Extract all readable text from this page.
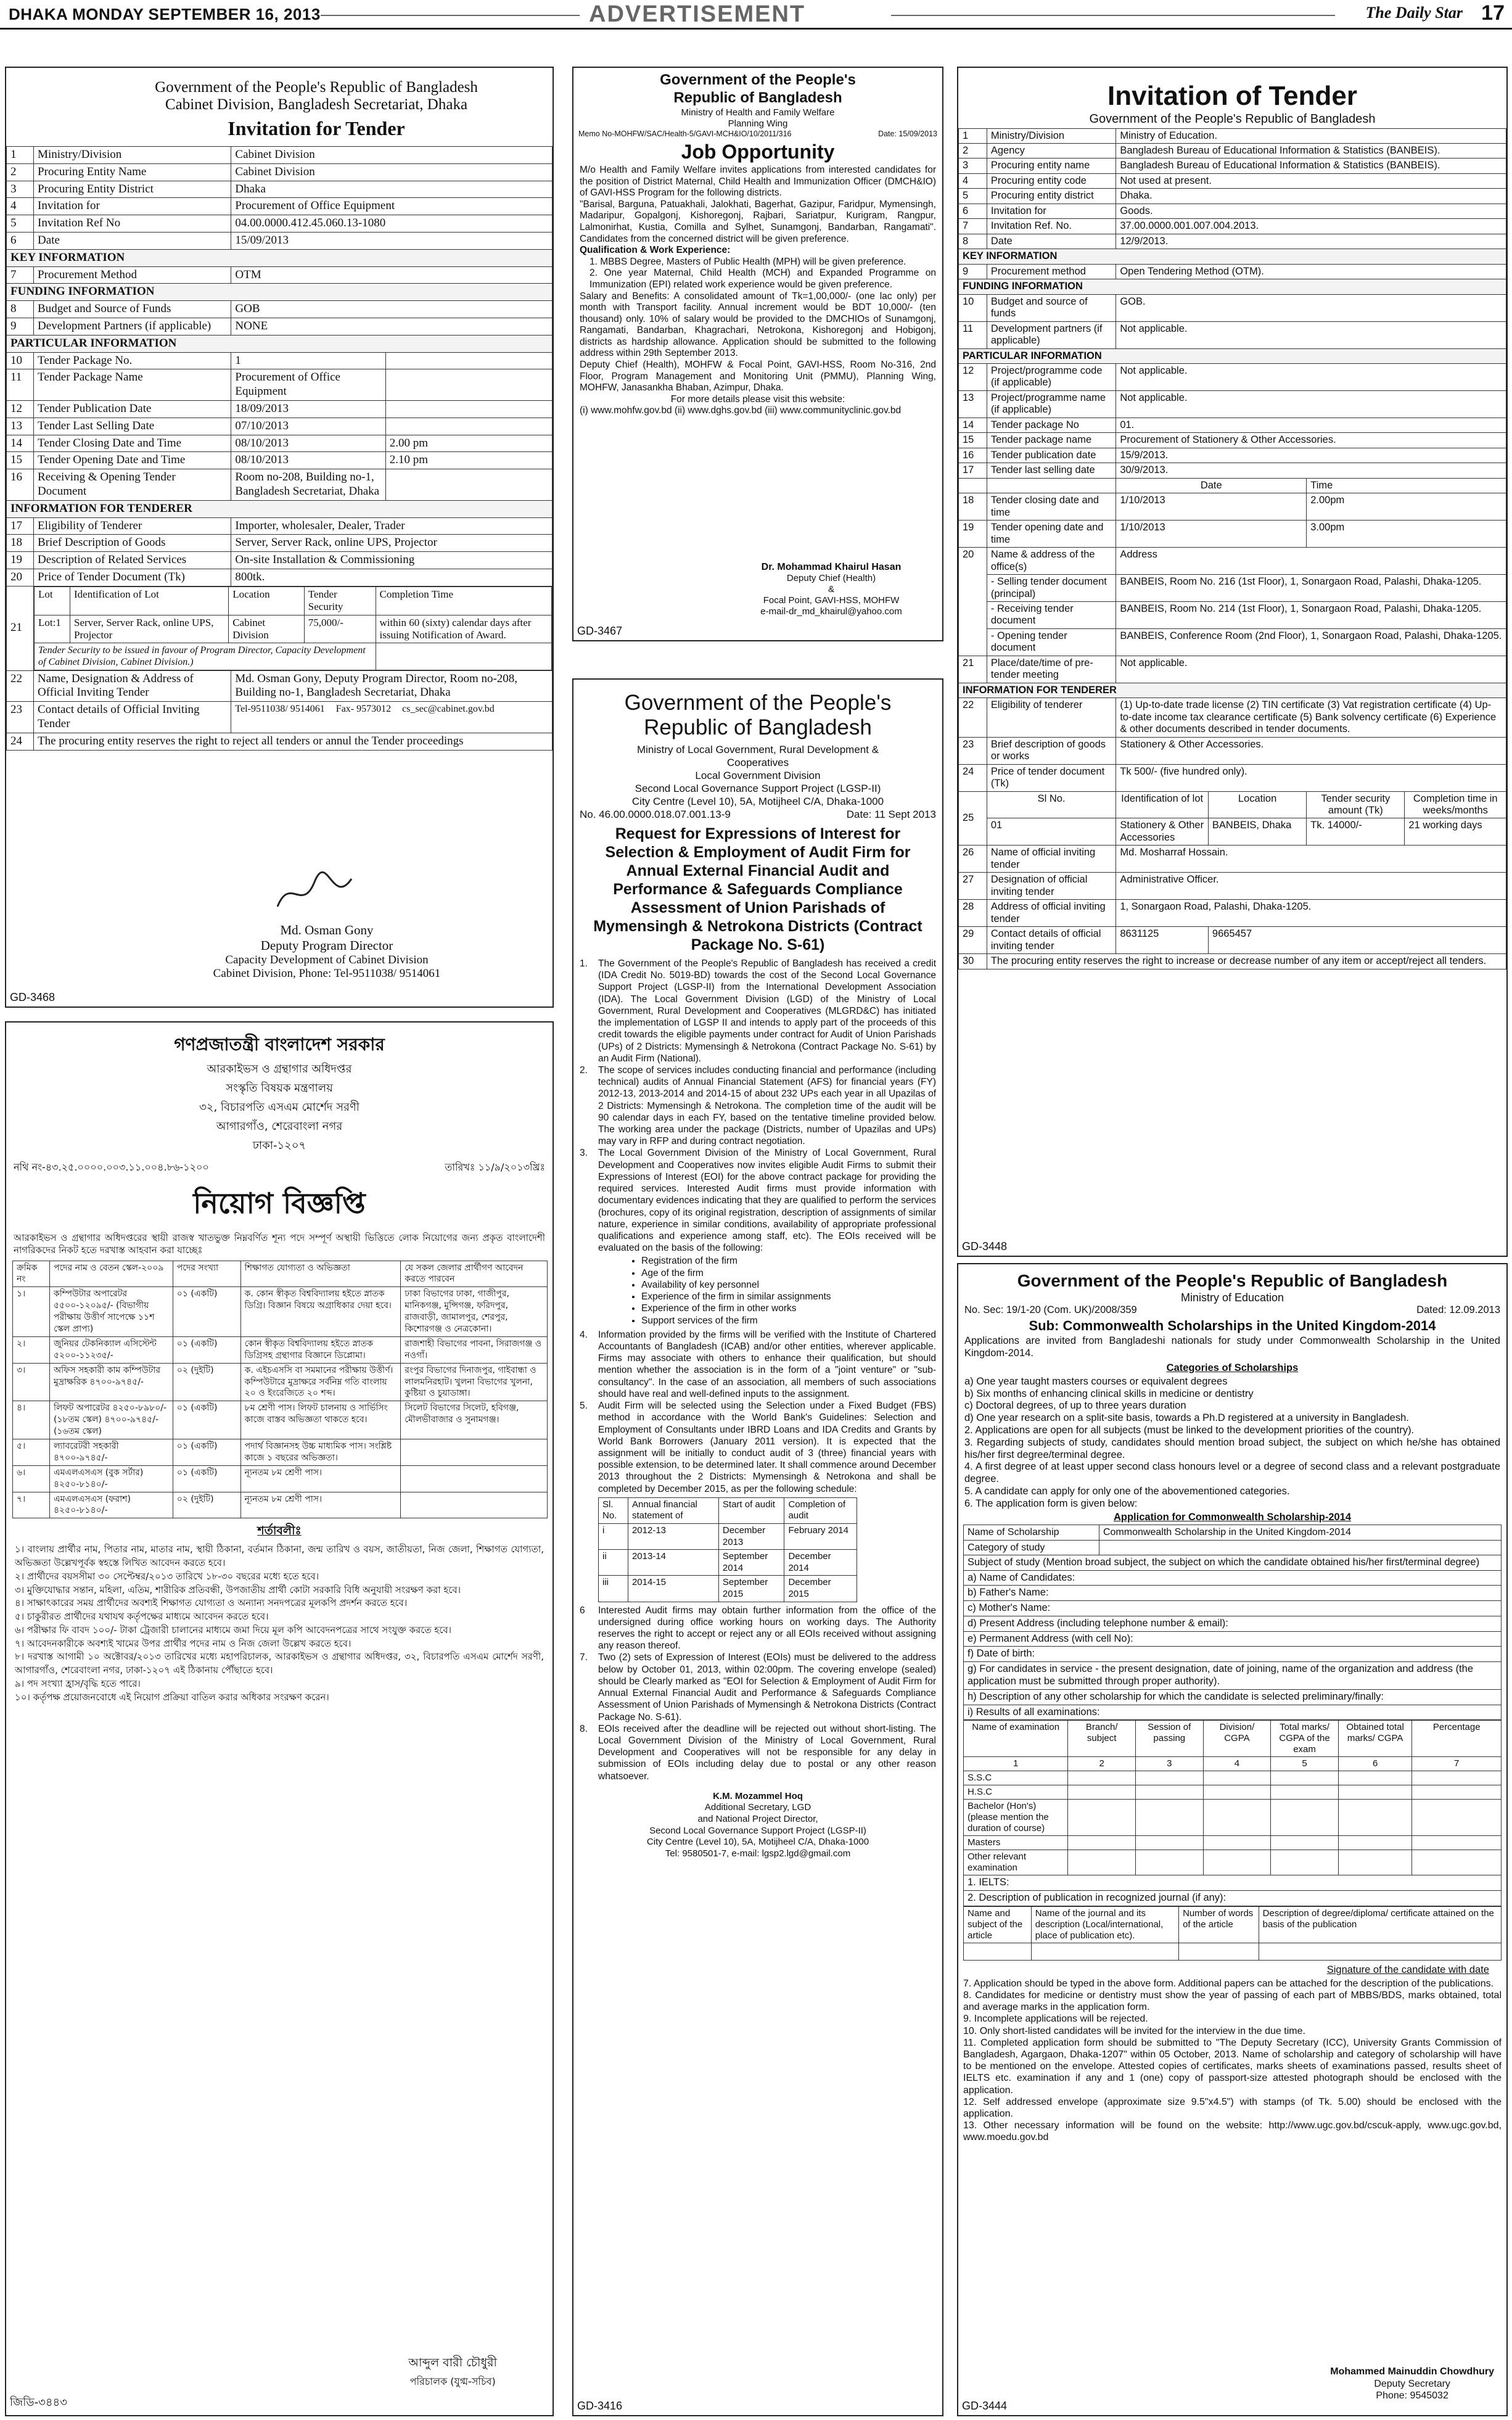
DHAKA MONDAY SEPTEMBER 16, 2013	ADVERTISEMENT	The Daily Star 17
Government of the People's Republic of Bangladesh
Cabinet Division, Bangladesh Secretariat, Dhaka
Invitation for Tender
1	Ministry/Division	Cabinet Division
2	Procuring Entity Name	Cabinet Division
3	Procuring Entity District	Dhaka
4	Invitation for	Procurement of Office Equipment
5	Invitation Ref No	04.00.0000.412.45.060.13-1080
6	Date	15/09/2013
KEY INFORMATION
7	Procurement Method	OTM
FUNDING INFORMATION
8	Budget and Source of Funds	GOB
9	Development Partners (if applicable)	NONE
PARTICULAR INFORMATION
10	Tender Package No.	1	
11	Tender Package Name	Procurement of Office Equipment	
12	Tender Publication Date	18/09/2013	
13	Tender Last Selling Date	07/10/2013	
14	Tender Closing Date and Time	08/10/2013	2.00 pm
15	Tender Opening Date and Time	08/10/2013	2.10 pm
16	Receiving & Opening Tender Document	Room no-208, Building no-1, Bangladesh Secretariat, Dhaka	
INFORMATION FOR TENDERER
17	Eligibility of Tenderer	Importer, wholesaler, Dealer, Trader
18	Brief Description of Goods	Server, Server Rack, online UPS, Projector
19	Description of Related Services	On-site Installation & Commissioning
20	Price of Tender Document (Tk)	800tk.
21	
Lot	Identification of Lot	Location	Tender Security	Completion Time
Lot:1	Server, Server Rack, online UPS, Projector	Cabinet Division	75,000/-	within 60 (sixty) calendar days after issuing Notification of Award.
Tender Security to be issued in favour of Program Director, Capacity Development of Cabinet Division, Cabinet Division.)	

22	Name, Designation & Address of Official Inviting Tender	Md. Osman Gony, Deputy Program Director, Room no-208, Building no-1, Bangladesh Secretariat, Dhaka
23	Contact details of Official Inviting Tender	Tel-9511038/ 9514061 Fax- 9573012 cs_sec@cabinet.gov.bd
24	The procuring entity reserves the right to reject all tenders or annul the Tender proceedings
Md. Osman Gony
Deputy Program Director
Capacity Development of Cabinet Division
Cabinet Division, Phone: Tel-9511038/ 9514061
GD-3468
গণপ্রজাতন্ত্রী বাংলাদেশ সরকার
আরকাইভস ও গ্রন্থাগার অধিদপ্তর
সংস্কৃতি বিষয়ক মন্ত্রণালয়
৩২, বিচারপতি এসএম মোর্শেদ সরণী
আগারগাঁও, শেরেবাংলা নগর
ঢাকা-১২০৭
নথি নং-৪৩.২৫.০০০০.০০৩.১১.০০৪.৮৬-১২০০	তারিখঃ ১১/৯/২০১৩খ্রিঃ
নিয়োগ বিজ্ঞপ্তি
আরকাইভস ও গ্রন্থাগার অধিদপ্তরের স্থায়ী রাজস্ব খাতভুক্ত নিম্নবর্ণিত শূন্য পদে সম্পূর্ণ অস্থায়ী ভিত্তিতে লোক নিয়োগের জন্য প্রকৃত বাংলাদেশী নাগরিকদের নিকট হতে দরখাস্ত আহবান করা যাচ্ছেঃ
ক্রমিক নং	পদের নাম ও বেতন স্কেল-২০০৯	পদের সংখ্যা	শিক্ষাগত যোগ্যতা ও অভিজ্ঞতা	যে সকল জেলার প্রার্থীগণ আবেদন করতে পারবেন
১।	কম্পিউটার অপারেটর ৫৫০০-১২০৯৫/- (বিভাগীয় পরীক্ষায় উত্তীর্ণ সাপেক্ষে ১১শ স্কেল প্রাপ্য)	০১ (একটি)	ক. কোন স্বীকৃত বিশ্ববিদ্যালয় হইতে স্নাতক ডিগ্রি। বিজ্ঞান বিষয়ে অগ্রাধিকার দেয়া হবে।	ঢাকা বিভাগের ঢাকা, গাজীপুর, মানিকগঞ্জ, মুন্সিগঞ্জ, ফরিদপুর, রাজবাড়ী, জামালপুর, শেরপুর, কিশোরগঞ্জ ও নেত্রকোনা।
২।	জুনিয়র টেকনিক্যাল এসিস্টেন্ট ৫২০০-১১২৩৫/-	০১ (একটি)	কোন স্বীকৃত বিশ্ববিদ্যালয় হইতে স্নাতক ডিগ্রিসহ গ্রন্থাগার বিজ্ঞানে ডিপ্লোমা।	রাজশাহী বিভাগের পাবনা, সিরাজগঞ্জ ও নওগাঁ।
৩।	অফিস সহকারী কাম কম্পিউটার মুদ্রাক্ষরিক ৪৭০০-৯৭৪৫/-	০২ (দুইটি)	ক. এইচএসসি বা সমমানের পরীক্ষায় উত্তীর্ণ। কম্পিউটারে মুদ্রাক্ষরে সর্বনিম্ন গতি বাংলায় ২০ ও ইংরেজিতে ২০ শব্দ।	রংপুর বিভাগের দিনাজপুর, গাইবান্ধা ও লালমনিরহাট। খুলনা বিভাগের খুলনা, কুষ্টিয়া ও চুয়াডাঙ্গা।
৪।	লিফট অপারেটর ৪২৫০-৮৯৮০/- (১৮তম স্কেল) ৪৭০০-৯৭৪৫/- (১৬তম স্কেল)	০১ (একটি)	৮ম শ্রেণী পাস। লিফট চালনায় ও সার্ভিসিং কাজে বাস্তব অভিজ্ঞতা থাকতে হবে।	সিলেট বিভাগের সিলেট, হবিগঞ্জ, মৌলভীবাজার ও সুনামগঞ্জ।
৫।	ল্যাবরেটরী সহকারী ৪৭০০-৯৭৪৫/-	০১ (একটি)	পদার্থ বিজ্ঞানসহ উচ্চ মাধ্যমিক পাস। সংশ্লিষ্ট কাজে ১ বছরের অভিজ্ঞতা।	
৬।	এমএলএসএস (বুক সর্টার) ৪২৫০-৮১৪০/-	০১ (একটি)	ন্যূনতম ৮ম শ্রেণী পাস।	
৭।	এমএলএসএস (ফরাশ) ৪২৫০-৮১৪০/-	০২ (দুইটি)	ন্যূনতম ৮ম শ্রেণী পাস।	
শর্তাবলীঃ
১। বাংলায় প্রার্থীর নাম, পিতার নাম, মাতার নাম, স্থায়ী ঠিকানা, বর্তমান ঠিকানা, জন্ম তারিখ ও বয়স, জাতীয়তা, নিজ জেলা, শিক্ষাগত যোগ্যতা, অভিজ্ঞতা উল্লেখপূর্বক স্বহস্তে লিখিত আবেদন করতে হবে।
২। প্রার্থীদের বয়সসীমা ৩০ সেপ্টেম্বর/২০১৩ তারিখে ১৮-৩০ বছরের মধ্যে হতে হবে।
৩। মুক্তিযোদ্ধার সন্তান, মহিলা, এতিম, শারীরিক প্রতিবন্ধী, উপজাতীয় প্রার্থী কোটা সরকারি বিধি অনুযায়ী সংরক্ষণ করা হবে।
৪। সাক্ষাৎকারের সময় প্রার্থীদের অবশ্যই শিক্ষাগত যোগ্যতা ও অন্যান্য সনদপত্রের মূলকপি প্রদর্শন করতে হবে।
৫। চাকুরীরত প্রার্থীদের যথাযথ কর্তৃপক্ষের মাধ্যমে আবেদন করতে হবে।
৬। পরীক্ষার ফি বাবদ ১০০/- টাকা ট্রেজারী চালানের মাধ্যমে জমা দিয়ে মূল কপি আবেদনপত্রের সাথে সংযুক্ত করতে হবে।
৭। আবেদনকারীকে অবশ্যই খামের উপর প্রার্থীর পদের নাম ও নিজ জেলা উল্লেখ করতে হবে।
৮। দরখাস্ত আগামী ১০ অক্টোবর/২০১৩ তারিখের মধ্যে মহাপরিচালক, আরকাইভস ও গ্রন্থাগার অধিদপ্তর, ৩২, বিচারপতি এসএম মোর্শেদ সরণী, আগারগাঁও, শেরেবাংলা নগর, ঢাকা-১২০৭ এই ঠিকানায় পৌঁছাতে হবে।
৯। পদ সংখ্যা হ্রাস/বৃদ্ধি হতে পারে।
১০। কর্তৃপক্ষ প্রয়োজনবোধে এই নিয়োগ প্রক্রিয়া বাতিল করার অধিকার সংরক্ষণ করেন।
আব্দুল বারী চৌধুরী
পরিচালক (যুগ্ম-সচিব)
জিডি-৩৪৪৩
Government of the People's
Republic of Bangladesh
Ministry of Health and Family Welfare
Planning Wing
Memo No-MOHFW/SAC/Health-5/GAVI-MCH&IO/10/2011/316	Date: 15/09/2013
Job Opportunity
M/o Health and Family Welfare invites applications from interested candidates for the position of District Maternal, Child Health and Immunization Officer (DMCH&IO) of GAVI-HSS Program for the following districts.
"Barisal, Barguna, Patuakhali, Jalokhati, Bagerhat, Gazipur, Faridpur, Mymensingh, Madaripur, Gopalgonj, Kishoregonj, Rajbari, Sariatpur, Kurigram, Rangpur, Lalmonirhat, Kustia, Comilla and Sylhet, Sunamgonj, Bandarban, Rangamati". Candidates from the concerned district will be given preference.
Qualification & Work Experience:
1. MBBS Degree, Masters of Public Health (MPH) will be given preference.
2. One year Maternal, Child Health (MCH) and Expanded Programme on Immunization (EPI) related work experience would be given preference.
Salary and Benefits: A consolidated amount of Tk=1,00,000/- (one lac only) per month with Transport facility. Annual increment would be BDT 10,000/- (ten thousand) only. 10% of salary would be provided to the DMCHIOs of Sunamgonj, Rangamati, Bandarban, Khagrachari, Netrokona, Kishoregonj and Hobigonj, districts as hardship allowance. Application should be submitted to the following address within 29th September 2013.
Deputy Chief (Health), MOHFW & Focal Point, GAVI-HSS, Room No-316, 2nd Floor, Program Management and Monitoring Unit (PMMU), Planning Wing, MOHFW, Janasankha Bhaban, Azimpur, Dhaka.
For more details please visit this website:
(i) www.mohfw.gov.bd (ii) www.dghs.gov.bd (iii) www.communityclinic.gov.bd
Dr. Mohammad Khairul Hasan
Deputy Chief (Health)
&
Focal Point, GAVI-HSS, MOHFW
e-mail-dr_md_khairul@yahoo.com
GD-3467
Government of the People's
Republic of Bangladesh
Ministry of Local Government, Rural Development &
Cooperatives
Local Government Division
Second Local Governance Support Project (LGSP-II)
City Centre (Level 10), 5A, Motijheel C/A, Dhaka-1000
No. 46.00.0000.018.07.001.13-9	Date: 11 Sept 2013
Request for Expressions of Interest for Selection & Employment of Audit Firm for Annual External Financial Audit and Performance & Safeguards Compliance Assessment of Union Parishads of Mymensingh & Netrokona Districts (Contract Package No. S-61)
1.	The Government of the People's Republic of Bangladesh has received a credit (IDA Credit No. 5019-BD) towards the cost of the Second Local Governance Support Project (LGSP-II) from the International Development Association (IDA). The Local Government Division (LGD) of the Ministry of Local Government, Rural Development and Cooperatives (MLGRD&C) has initiated the implementation of LGSP II and intends to apply part of the proceeds of this credit towards the eligible payments under contract for Audit of Union Parishads (UPs) of 2 Districts: Mymensingh & Netrokona (Contract Package No. S-61) by an Audit Firm (National).
2.	The scope of services includes conducting financial and performance (including technical) audits of Annual Financial Statement (AFS) for financial years (FY) 2012-13, 2013-2014 and 2014-15 of about 232 UPs each year in all Upazilas of 2 Districts: Mymensingh & Netrokona. The completion time of the audit will be 90 calendar days in each FY, based on the tentative timeline provided below. The working area under the package (Districts, number of Upazilas and UPs) may vary in RFP and during contract negotiation.
3.	The Local Government Division of the Ministry of Local Government, Rural Development and Cooperatives now invites eligible Audit Firms to submit their Expressions of Interest (EOI) for the above contract package for providing the required services. Interested Audit firms must provide information with documentary evidences indicating that they are qualified to perform the services (brochures, copy of its original registration, description of assignments of similar nature, experience in similar conditions, availability of appropriate professional qualifications and experience among staff, etc). The EOIs received will be evaluated on the basis of the following:
• Registration of the firm
• Age of the firm
• Availability of key personnel
• Experience of the firm in similar assignments
• Experience of the firm in other works
• Support services of the firm
4.	Information provided by the firms will be verified with the Institute of Chartered Accountants of Bangladesh (ICAB) and/or other entities, wherever applicable. Firms may associate with others to enhance their qualification, but should mention whether the association is in the form of a "joint venture" or "sub-consultancy". In the case of an association, all members of such associations should have real and well-defined inputs to the assignment.
5.	Audit Firm will be selected using the Selection under a Fixed Budget (FBS) method in accordance with the World Bank's Guidelines: Selection and Employment of Consultants under IBRD Loans and IDA Credits and Grants by World Bank Borrowers (January 2011 version). It is expected that the assignment will be initially to conduct audit of 3 (three) financial years with possible extension, to be determined later. It shall commence around December 2013 throughout the 2 Districts: Mymensingh & Netrokona and shall be completed by December 2015, as per the following schedule:
Sl. No.	Annual financial statement of	Start of audit	Completion of audit
i	2012-13	December 2013	February 2014
ii	2013-14	September 2014	December 2014
iii	2014-15	September 2015	December 2015
6	Interested Audit firms may obtain further information from the office of the undersigned during office working hours on working days. The Authority reserves the right to accept or reject any or all EOIs received without assigning any reason thereof.
7.	Two (2) sets of Expression of Interest (EOIs) must be delivered to the address below by October 01, 2013, within 02:00pm. The covering envelope (sealed) should be Clearly marked as "EOI for Selection & Employment of Audit Firm for Annual External Financial Audit and Performance & Safeguards Compliance Assessment of Union Parishads of Mymensingh & Netrokona Districts (Contract Package No. S-61).
8.	EOIs received after the deadline will be rejected out without short-listing. The Local Government Division of the Ministry of Local Government, Rural Development and Cooperatives will not be responsible for any delay in submission of EOIs including delay due to postal or any other reason whatsoever.
K.M. Mozammel Hoq
Additional Secretary, LGD
and National Project Director,
Second Local Governance Support Project (LGSP-II)
City Centre (Level 10), 5A, Motijheel C/A, Dhaka-1000
Tel: 9580501-7, e-mail: lgsp2.lgd@gmail.com
GD-3416
Invitation of Tender
Government of the People's Republic of Bangladesh
1	Ministry/Division	Ministry of Education.			
2	Agency	Bangladesh Bureau of Educational Information & Statistics (BANBEIS).			
3	Procuring entity name	Bangladesh Bureau of Educational Information & Statistics (BANBEIS).			
4	Procuring entity code	Not used at present.			
5	Procuring entity district	Dhaka.			
6	Invitation for	Goods.			
7	Invitation Ref. No.	37.00.0000.001.007.004.2013.			
8	Date	12/9/2013.			
KEY INFORMATION					
9	Procurement method	Open Tendering Method (OTM).			
FUNDING INFORMATION					
10	Budget and source of funds	GOB.			
11	Development partners (if applicable)	Not applicable.			
PARTICULAR INFORMATION					
12	Project/programme code (if applicable)	Not applicable.			
13	Project/programme name (if applicable)	Not applicable.			
14	Tender package No	01.			
15	Tender package name	Procurement of Stationery & Other Accessories.			
16	Tender publication date	15/9/2013.			
17	Tender last selling date	30/9/2013.			
		Date		Time	
18	Tender closing date and time	1/10/2013		2.00pm	
19	Tender opening date and time	1/10/2013		3.00pm	
20	Name & address of the office(s)	Address			
	- Selling tender document (principal)	BANBEIS, Room No. 216 (1st Floor), 1, Sonargaon Road, Palashi, Dhaka-1205.			
	- Receiving tender document	BANBEIS, Room No. 214 (1st Floor), 1, Sonargaon Road, Palashi, Dhaka-1205.			
	- Opening tender document	BANBEIS, Conference Room (2nd Floor), 1, Sonargaon Road, Palashi, Dhaka-1205.			
21	Place/date/time of pre-tender meeting	Not applicable.			
INFORMATION FOR TENDERER					
22	Eligibility of tenderer	(1) Up-to-date trade license (2) TIN certificate (3) Vat registration certificate (4) Up-to-date income tax clearance certificate (5) Bank solvency certificate (6) Experience & other documents described in tender documents.			
23	Brief description of goods or works	Stationery & Other Accessories.			
24	Price of tender document (Tk)	Tk 500/- (five hundred only).			
25	Sl No.	Identification of lot	Location	Tender security amount (Tk)	Completion time in weeks/months
	01	Stationery & Other Accessories	BANBEIS, Dhaka	Tk. 14000/-	21 working days
26	Name of official inviting tender	Md. Mosharraf Hossain.			
27	Designation of official inviting tender	Administrative Officer.			
28	Address of official inviting tender	1, Sonargaon Road, Palashi, Dhaka-1205.			
29	Contact details of official inviting tender	8631125	9665457		
30	The procuring entity reserves the right to increase or decrease number of any item or accept/reject all tenders.				
GD-3448
Government of the People's Republic of Bangladesh
Ministry of Education
No. Sec: 19/1-20 (Com. UK)/2008/359	Dated: 12.09.2013
Sub: Commonwealth Scholarships in the United Kingdom-2014
Applications are invited from Bangladeshi nationals for study under Commonwealth Scholarship in the United Kingdom-2014.
Categories of Scholarships
a) One year taught masters courses or equivalent degrees
b) Six months of enhancing clinical skills in medicine or dentistry
c) Doctoral degrees, of up to three years duration
d) One year research on a split-site basis, towards a Ph.D registered at a university in Bangladesh.
2. Applications are open for all subjects (must be linked to the development priorities of the country).
3. Regarding subjects of study, candidates should mention broad subject, the subject on which he/she has obtained his/her first degree/terminal degree.
4. A first degree of at least upper second class honours level or a degree of second class and a relevant postgraduate degree.
5. A candidate can apply for only one of the abovementioned categories.
6. The application form is given below:
Application for Commonwealth Scholarship-2014
Name of Scholarship	Commonwealth Scholarship in the United Kingdom-2014
Category of study	
Subject of study (Mention broad subject, the subject on which the candidate obtained his/her first/terminal degree)
a) Name of Candidates:
b) Father's Name:
c) Mother's Name:
d) Present Address (including telephone number & email):
e) Permanent Address (with cell No):
f) Date of birth:
g) For candidates in service - the present designation, date of joining, name of the organization and address (the application must be submitted through proper authority).
h) Description of any other scholarship for which the candidate is selected preliminary/finally:
i) Results of all examinations:
Name of examination	Branch/ subject	Session of passing	Division/ CGPA	Total marks/ CGPA of the exam	Obtained total marks/ CGPA	Percentage
1	2	3	4	5	6	7
S.S.C						
H.S.C						
Bachelor (Hon's) (please mention the duration of course)						
Masters						
Other relevant examination						
1. IELTS:
2. Description of publication in recognized journal (if any):
Name and subject of the article	Name of the journal and its description (Local/international, place of publication etc).	Number of words of the article	Description of degree/diploma/ certificate attained on the basis of the publication

Signature of the candidate with date
7. Application should be typed in the above form. Additional papers can be attached for the description of the publications.
8. Candidates for medicine or dentistry must show the year of passing of each part of MBBS/BDS, marks obtained, total and average marks in the application form.
9. Incomplete applications will be rejected.
10. Only short-listed candidates will be invited for the interview in the due time.
11. Completed application form should be submitted to "The Deputy Secretary (ICC), University Grants Commission of Bangladesh, Agargaon, Dhaka-1207" within 05 October, 2013. Name of scholarship and category of scholarship will have to be mentioned on the envelope. Attested copies of certificates, marks sheets of examinations passed, results sheet of IELTS etc. examination if any and 1 (one) copy of passport-size attested photograph should be enclosed with the application.
12. Self addressed envelope (approximate size 9.5"x4.5") with stamps (of Tk. 5.00) should be enclosed with the application.
13. Other necessary information will be found on the website: http://www.ugc.gov.bd/cscuk-apply, www.ugc.gov.bd, www.moedu.gov.bd
Mohammed Mainuddin Chowdhury
Deputy Secretary
Phone: 9545032
GD-3444
